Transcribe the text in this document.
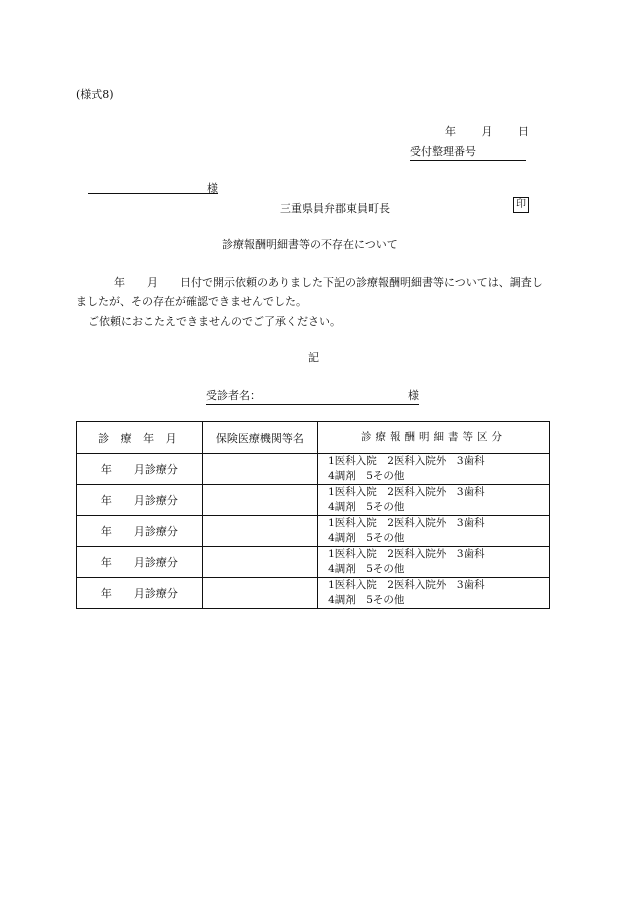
(様式8)
年 月 日
受付整理番号
様
三重県員弁郡東員町長	印
診療報酬明細書等の不存在について
年　　月　　日付で開示依頼のありました下記の診療報酬明細書等については、調査しましたが、その存在が確認できませんでした。
ご依頼におこたえできませんのでご了承ください。
記
受診者名：	様
診 療 年 月	保険医療機関等名	診療報酬明細書等区分
年　　月診療分		1医科入院　2医科入院外　3歯科
4調剤　5その他

年　　月診療分		1医科入院　2医科入院外　3歯科
4調剤　5その他

年　　月診療分		1医科入院　2医科入院外　3歯科
4調剤　5その他

年　　月診療分		1医科入院　2医科入院外　3歯科
4調剤　5その他

年　　月診療分		1医科入院　2医科入院外　3歯科
4調剤　5その他
